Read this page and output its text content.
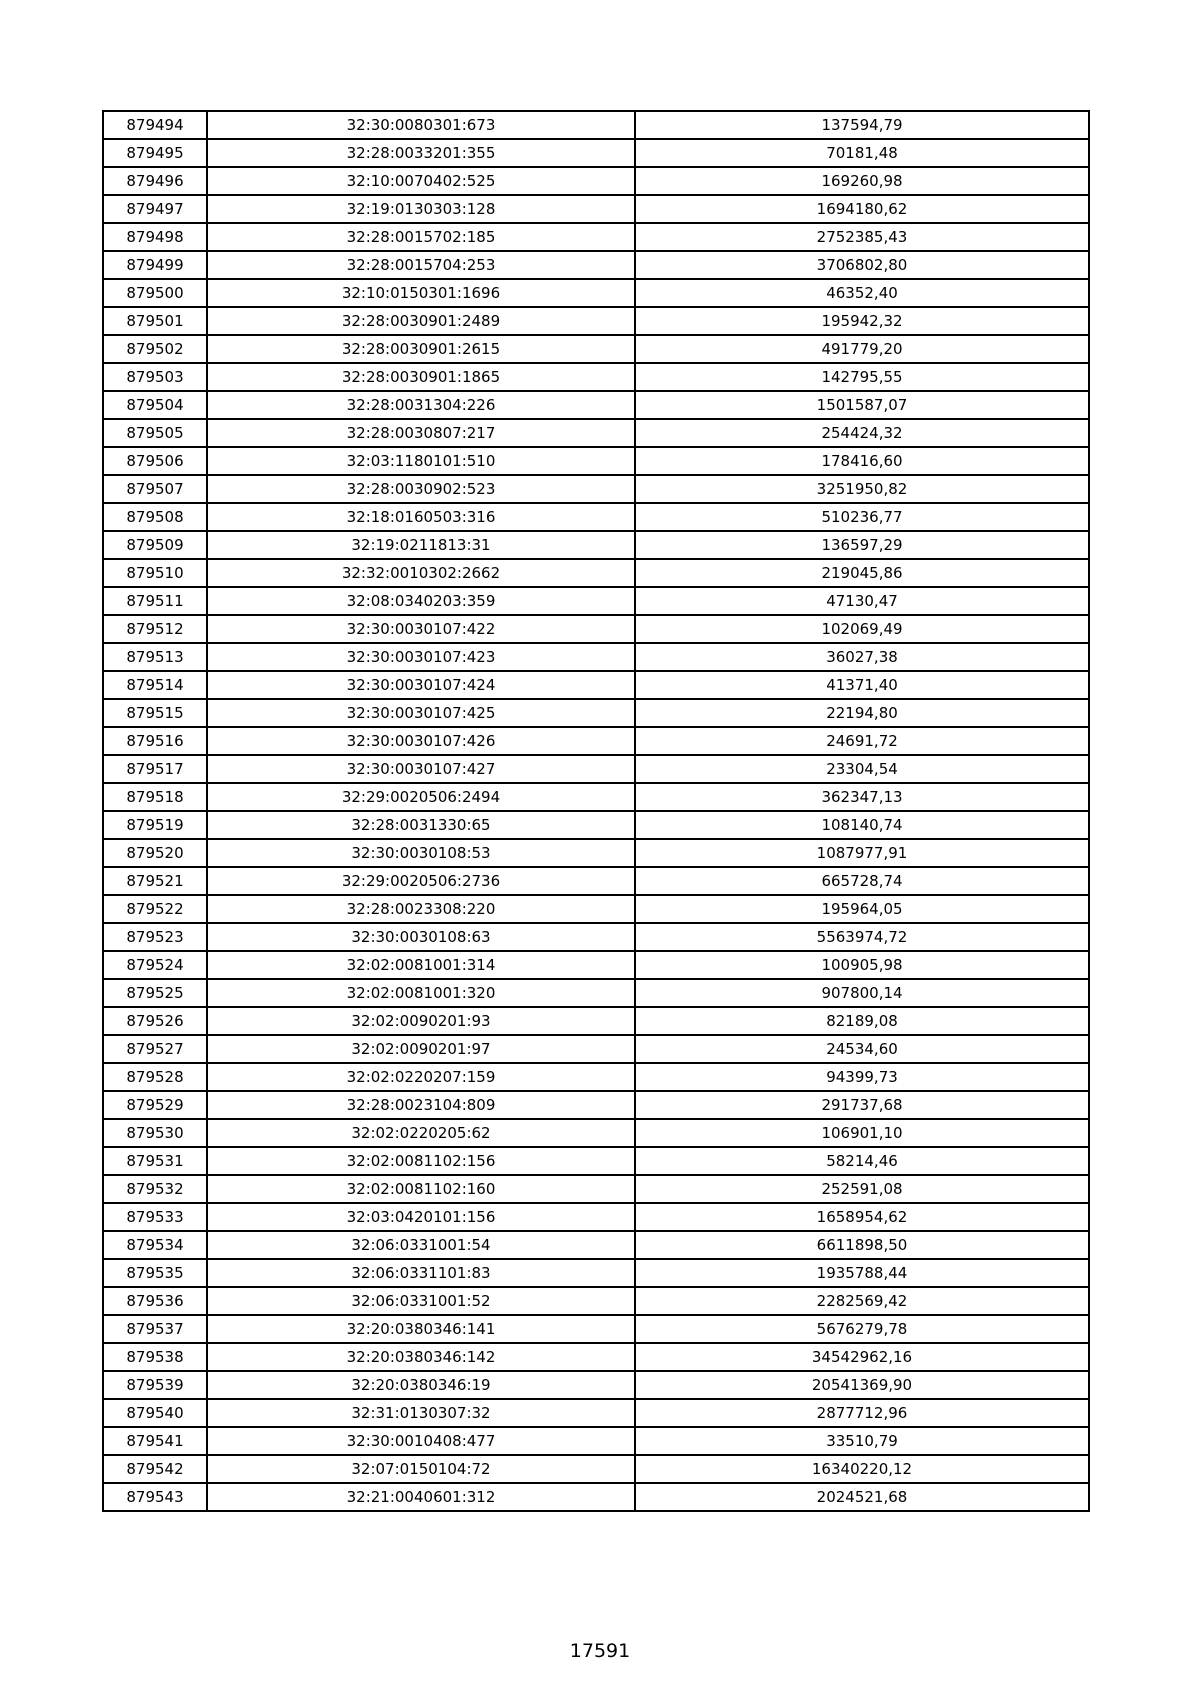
879494	32:30:0080301:673	137594,79
879495	32:28:0033201:355	70181,48
879496	32:10:0070402:525	169260,98
879497	32:19:0130303:128	1694180,62
879498	32:28:0015702:185	2752385,43
879499	32:28:0015704:253	3706802,80
879500	32:10:0150301:1696	46352,40
879501	32:28:0030901:2489	195942,32
879502	32:28:0030901:2615	491779,20
879503	32:28:0030901:1865	142795,55
879504	32:28:0031304:226	1501587,07
879505	32:28:0030807:217	254424,32
879506	32:03:1180101:510	178416,60
879507	32:28:0030902:523	3251950,82
879508	32:18:0160503:316	510236,77
879509	32:19:0211813:31	136597,29
879510	32:32:0010302:2662	219045,86
879511	32:08:0340203:359	47130,47
879512	32:30:0030107:422	102069,49
879513	32:30:0030107:423	36027,38
879514	32:30:0030107:424	41371,40
879515	32:30:0030107:425	22194,80
879516	32:30:0030107:426	24691,72
879517	32:30:0030107:427	23304,54
879518	32:29:0020506:2494	362347,13
879519	32:28:0031330:65	108140,74
879520	32:30:0030108:53	1087977,91
879521	32:29:0020506:2736	665728,74
879522	32:28:0023308:220	195964,05
879523	32:30:0030108:63	5563974,72
879524	32:02:0081001:314	100905,98
879525	32:02:0081001:320	907800,14
879526	32:02:0090201:93	82189,08
879527	32:02:0090201:97	24534,60
879528	32:02:0220207:159	94399,73
879529	32:28:0023104:809	291737,68
879530	32:02:0220205:62	106901,10
879531	32:02:0081102:156	58214,46
879532	32:02:0081102:160	252591,08
879533	32:03:0420101:156	1658954,62
879534	32:06:0331001:54	6611898,50
879535	32:06:0331101:83	1935788,44
879536	32:06:0331001:52	2282569,42
879537	32:20:0380346:141	5676279,78
879538	32:20:0380346:142	34542962,16
879539	32:20:0380346:19	20541369,90
879540	32:31:0130307:32	2877712,96
879541	32:30:0010408:477	33510,79
879542	32:07:0150104:72	16340220,12
879543	32:21:0040601:312	2024521,68
17591
